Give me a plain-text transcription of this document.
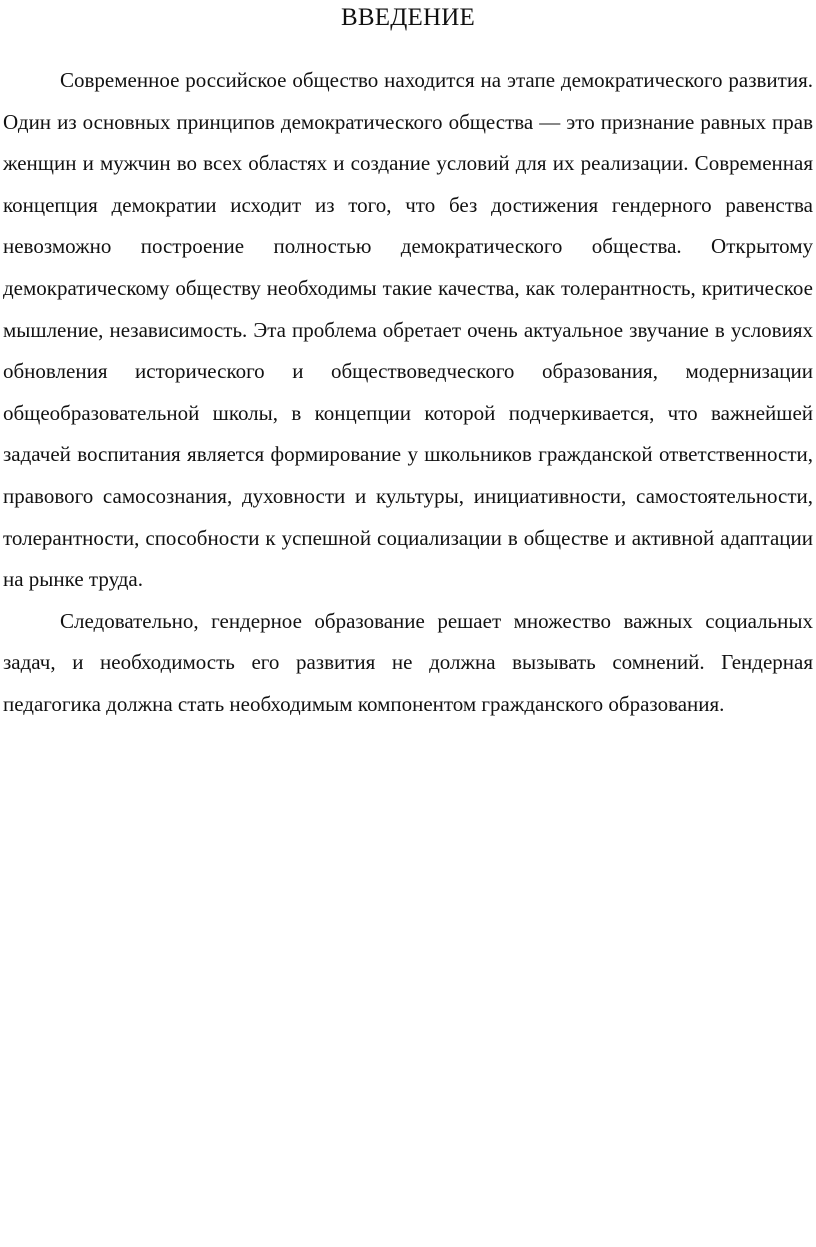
ВВЕДЕНИЕ

Современное российское общество находится на этапе демократического развития. Один из основных принципов демократического общества — это признание равных прав женщин и мужчин во всех областях и создание условий для их реализации. Современная концепция демократии исходит из того, что без достижения гендерного равенства невозможно построение полностью демократического общества. Открытому демократическому обществу необходимы такие качества, как толерантность, критическое мышление, независимость. Эта проблема обретает очень актуальное звучание в условиях обновления исторического и обществоведческого образования, модернизации общеобразовательной школы, в концепции которой подчеркивается, что важнейшей задачей воспитания является формирование у школьников гражданской ответственности, правового самосознания, духовности и культуры, инициативности, самостоятельности, толерантности, способности к успешной социализации в обществе и активной адаптации на рынке труда.

Следовательно, гендерное образование решает множество важных социальных задач, и необходимость его развития не должна вызывать сомнений. Гендерная педагогика должна стать необходимым компонентом гражданского образования.
